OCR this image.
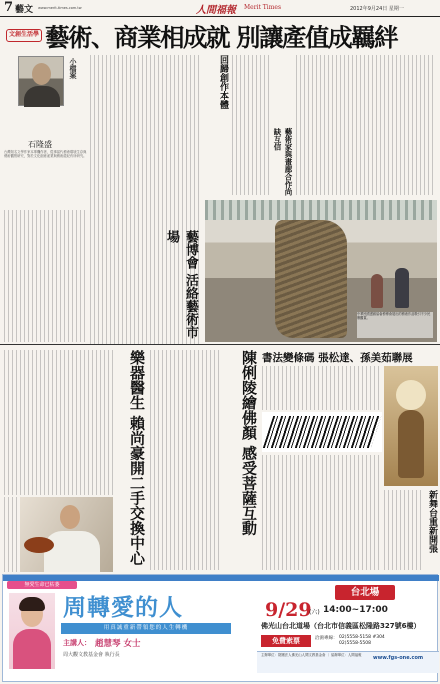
7 藝文 www.merit-times.com.tw	人間福報 Merit Times	2012年9月24日 星期一
文創生活學 藝術、商業相成就 別讓產值成羈絆
小檔案
石隆盛
台灣知名文學作家本專欄作者，從事當代藝術環境生存與藝術觀察研究，對於文化創意產業與藝術經紀有所研究。
回歸創作本體
藝術家與畫廊合作尚缺互信
藝博會 活絡藝術市場
中華民國畫廊協會藝博會展出的藝術作品吸引不少民眾觀賞。
樂器醫生 賴尚豪開二手交換中心	陳俐陵繪佛顏 感受菩薩互動 書法變條碼 張松達、孫美茹聯展
新舞台重新開張
無愛生命已枯萎
周轉愛的人
用真誠重新帶領您的人生轉機
主講人： 趙慧琴 女士
周大觀文教基金會 執行長
台北場
9/29
(六) 14:00~17:00
佛光山台北道場（台北市信義區松隆路327號6樓）
免費索票	洽詢專線： 02)5558-5158 #304
02)5558-5508
主辦單位：財團法人佛光山人間文教基金會 ｜ 協辦單位：人間福報	www.fgs-one.com
